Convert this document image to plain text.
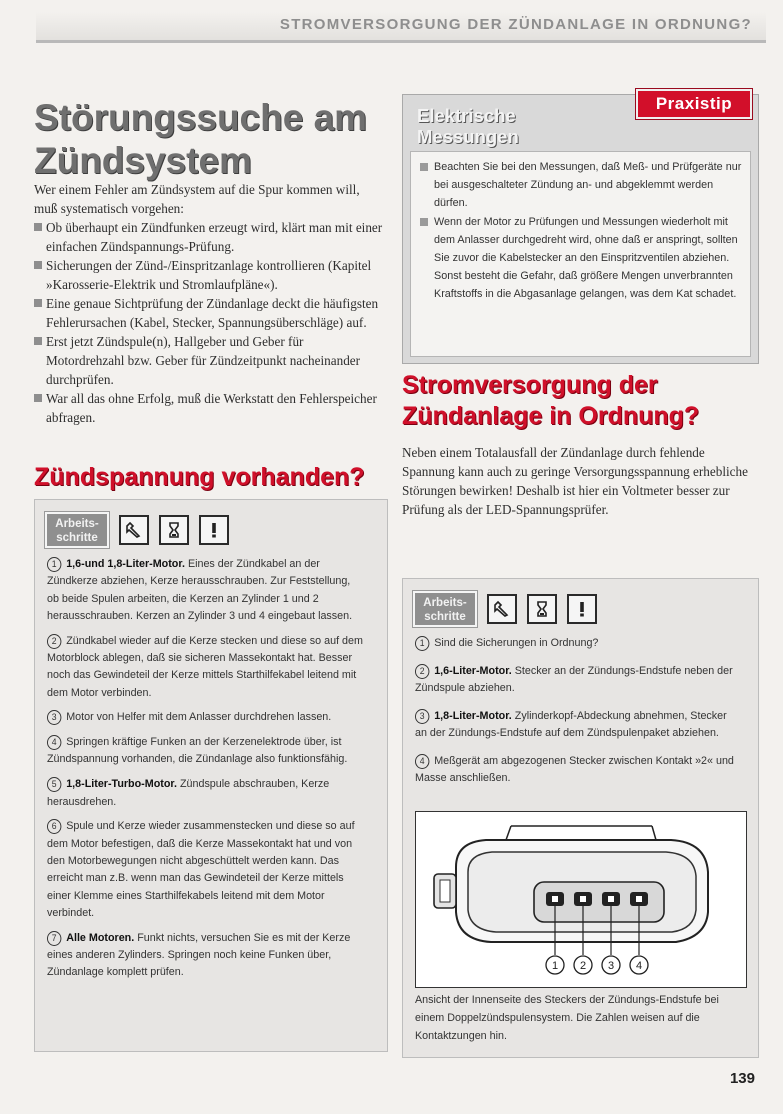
STROMVERSORGUNG DER ZÜNDANLAGE IN ORDNUNG?
Störungssuche am
Zündsystem

Wer einem Fehler am Zündsystem auf die Spur kommen will, muß systematisch vorgehen:

Ob überhaupt ein Zündfunken erzeugt wird, klärt man mit einer einfachen Zündspannungs-Prüfung.
Sicherungen der Zünd-/Einspritzanlage kontrollieren (Kapitel »Karosserie-Elektrik und Stromlaufpläne«).
Eine genaue Sichtprüfung der Zündanlage deckt die häufigsten Fehlerursachen (Kabel, Stecker, Spannungsüberschläge) auf.
Erst jetzt Zündspule(n), Hallgeber und Geber für Motordrehzahl bzw. Geber für Zündzeitpunkt nacheinander durchprüfen.
War all das ohne Erfolg, muß die Werkstatt den Fehlerspeicher abfragen.
Zündspannung vorhanden?
Arbeits-
schritte

1 1,6-und 1,8-Liter-Motor. Eines der Zündkabel an der Zündkerze abziehen, Kerze herausschrauben. Zur Feststellung, ob beide Spulen arbeiten, die Kerzen an Zylinder 1 und 2 herausschrauben. Kerzen an Zylinder 3 und 4 eingebaut lassen.

2 Zündkabel wieder auf die Kerze stecken und diese so auf dem Motorblock ablegen, daß sie sicheren Massekontakt hat. Besser noch das Gewindeteil der Kerze mittels Starthilfekabel leitend mit dem Motor verbinden.

3 Motor von Helfer mit dem Anlasser durchdrehen lassen.

4 Springen kräftige Funken an der Kerzenelektrode über, ist Zündspannung vorhanden, die Zündanlage also funktionsfähig.

5 1,8-Liter-Turbo-Motor. Zündspule abschrauben, Kerze herausdrehen.

6 Spule und Kerze wieder zusammenstecken und diese so auf dem Motor befestigen, daß die Kerze Massekontakt hat und von den Motorbewegungen nicht abgeschüttelt werden kann. Das erreicht man z.B. wenn man das Gewindeteil der Kerze mittels einer Klemme eines Starthilfekabels leitend mit dem Motor verbindet.

7 Alle Motoren. Funkt nichts, versuchen Sie es mit der Kerze eines anderen Zylinders. Springen noch keine Funken über, Zündanlage komplett prüfen.

Elektrische
Messungen
Praxistip
Beachten Sie bei den Messungen, daß Meß- und Prüfgeräte nur bei ausgeschalteter Zündung an- und abgeklemmt werden dürfen.
Wenn der Motor zu Prüfungen und Messungen wiederholt mit dem Anlasser durchgedreht wird, ohne daß er anspringt, sollten Sie zuvor die Kabelstecker an den Einspritzventilen abziehen. Sonst besteht die Gefahr, daß größere Mengen unverbrannten Kraftstoffs in die Abgasanlage gelangen, was dem Kat schadet.
Stromversorgung der
Zündanlage in Ordnung?

Neben einem Totalausfall der Zündanlage durch fehlende Spannung kann auch zu geringe Versorgungsspannung erhebliche Störungen bewirken! Deshalb ist hier ein Voltmeter besser zur Prüfung als der LED-Spannungsprüfer.

Arbeits-
schritte

1 Sind die Sicherungen in Ordnung?

2 1,6-Liter-Motor. Stecker an der Zündungs-Endstufe neben der Zündspule abziehen.

3 1,8-Liter-Motor. Zylinderkopf-Abdeckung abnehmen, Stecker an der Zündungs-Endstufe auf dem Zündspulenpaket abziehen.

4 Meßgerät am abgezogenen Stecker zwischen Kontakt »2« und Masse anschließen.

1 2 3 4
Ansicht der Innenseite des Steckers der Zündungs-Endstufe bei einem Doppelzündspulensystem. Die Zahlen weisen auf die Kontaktzungen hin.
139
